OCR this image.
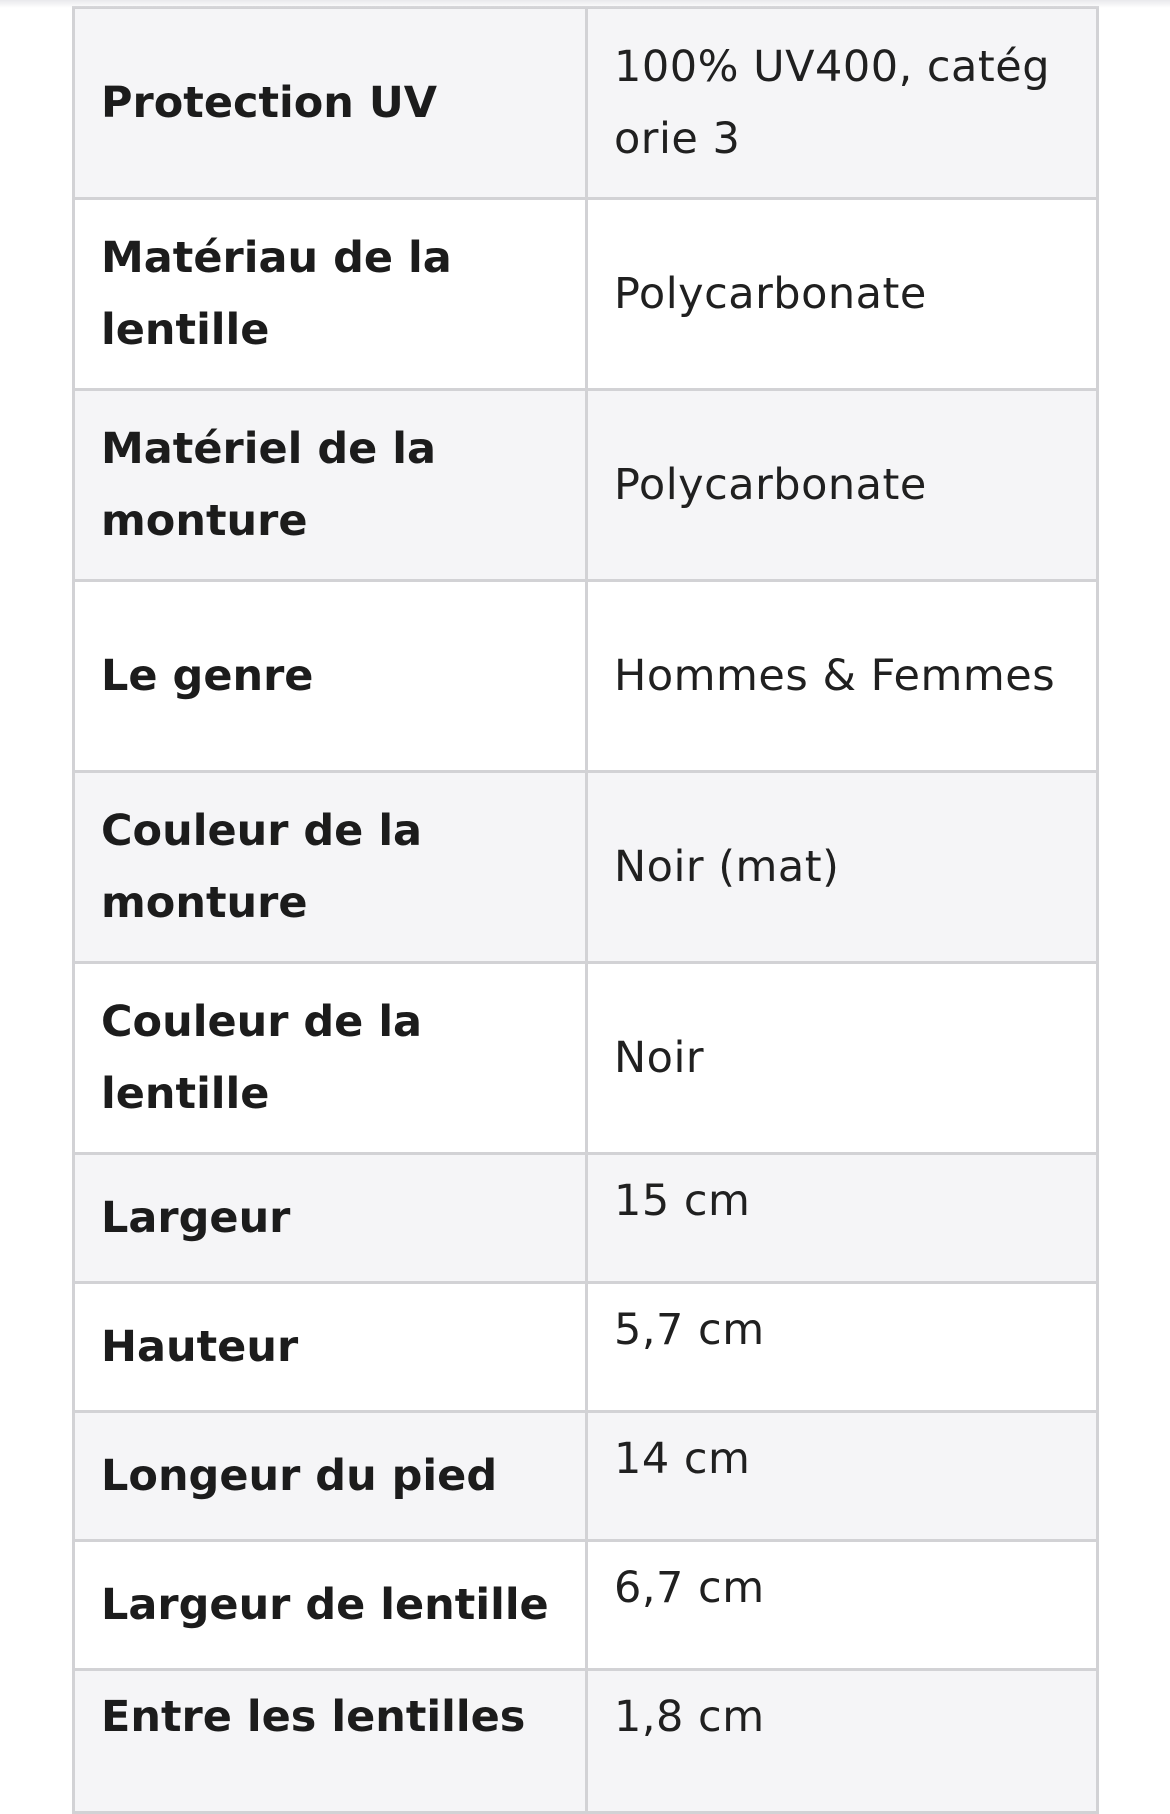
Protection UV	100% UV400, catégorie 3
Matériau de la lentille	Polycarbonate
Matériel de la monture	Polycarbonate
Le genre	Hommes & Femmes
Couleur de la monture	Noir (mat)
Couleur de la lentille	Noir
Largeur	15 cm
Hauteur	5,7 cm
Longeur du pied	14 cm
Largeur de lentille	6,7 cm
Entre les lentilles	1,8 cm
